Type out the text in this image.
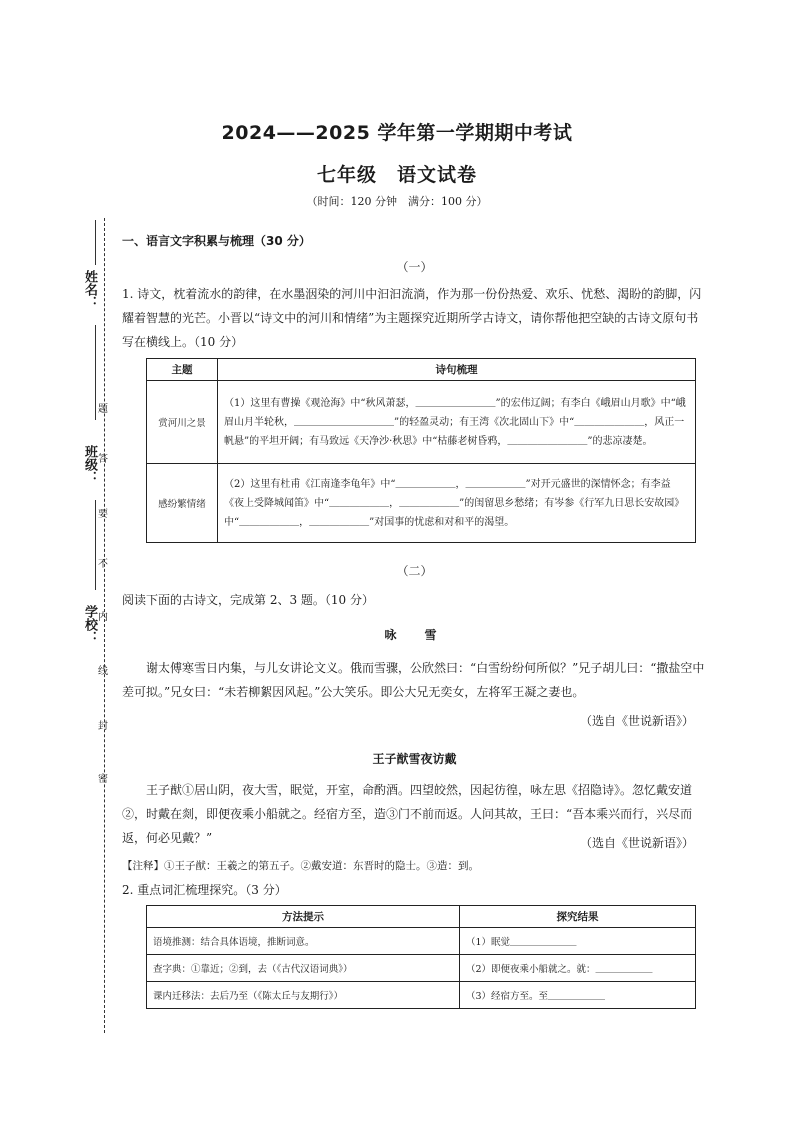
2024——2025 学年第一学期期中考试
七年级　语文试卷
（时间：120 分钟　满分：100 分）
姓名：
班级：
学校：
题
答
要
不
内
线
封
密
一、语言文字积累与梳理（30 分）
（一）
1. 诗文，枕着流水的韵律，在水墨洇染的河川中汩汩流淌，作为那一份份热爱、欢乐、忧愁、渴盼的韵脚，闪耀着智慧的光芒。小晋以“诗文中的河川和情绪”为主题探究近期所学古诗文，请你帮他把空缺的古诗文原句书写在横线上。（10 分）
主题	诗句梳理
赏河川之景	（1）这里有曹操《观沧海》中“秋风萧瑟，＿＿＿＿＿＿＿＿”的宏伟辽阔；有李白《峨眉山月歌》中“峨眉山月半轮秋，＿＿＿＿＿＿＿＿＿＿”的轻盈灵动；有王湾《次北固山下》中“＿＿＿＿＿＿＿，风正一帆悬”的平坦开阔；有马致远《天净沙·秋思》中“枯藤老树昏鸦，＿＿＿＿＿＿＿＿”的悲凉凄楚。
感纷繁情绪	（2）这里有杜甫《江南逢李龟年》中“＿＿＿＿＿＿，＿＿＿＿＿＿”对开元盛世的深情怀念；有李益《夜上受降城闻笛》中“＿＿＿＿＿＿，＿＿＿＿＿＿”的闺留思乡愁绪；有岑参《行军九日思长安故园》中“＿＿＿＿＿＿，＿＿＿＿＿＿”对国事的忧虑和对和平的渴望。
（二）
阅读下面的古诗文，完成第 2、3 题。（10 分）
咏　雪
谢太傅寒雪日内集，与儿女讲论文义。俄而雪骤，公欣然曰：“白雪纷纷何所似？”兄子胡儿曰：“撒盐空中差可拟。”兄女曰：“未若柳絮因风起。”公大笑乐。即公大兄无奕女，左将军王凝之妻也。
（选自《世说新语》）
王子猷雪夜访戴
王子猷①居山阴，夜大雪，眠觉，开室，命酌酒。四望皎然，因起彷徨，咏左思《招隐诗》。忽忆戴安道②，时戴在剡，即便夜乘小船就之。经宿方至，造③门不前而返。人问其故，王曰：“吾本乘兴而行，兴尽而返，何必见戴？”	（选自《世说新语》）
【注释】①王子猷：王羲之的第五子。②戴安道：东晋时的隐士。③造：到。
2. 重点词汇梳理探究。（3 分）
方法提示	探究结果
语境推测：结合具体语境，推断词意。	（1）眠觉＿＿＿＿＿＿＿
查字典：①靠近；②到，去（《古代汉语词典》）	（2）即便夜乘小船就之。就：＿＿＿＿＿＿
课内迁移法：去后乃至（《陈太丘与友期行》）	（3）经宿方至。至＿＿＿＿＿＿
